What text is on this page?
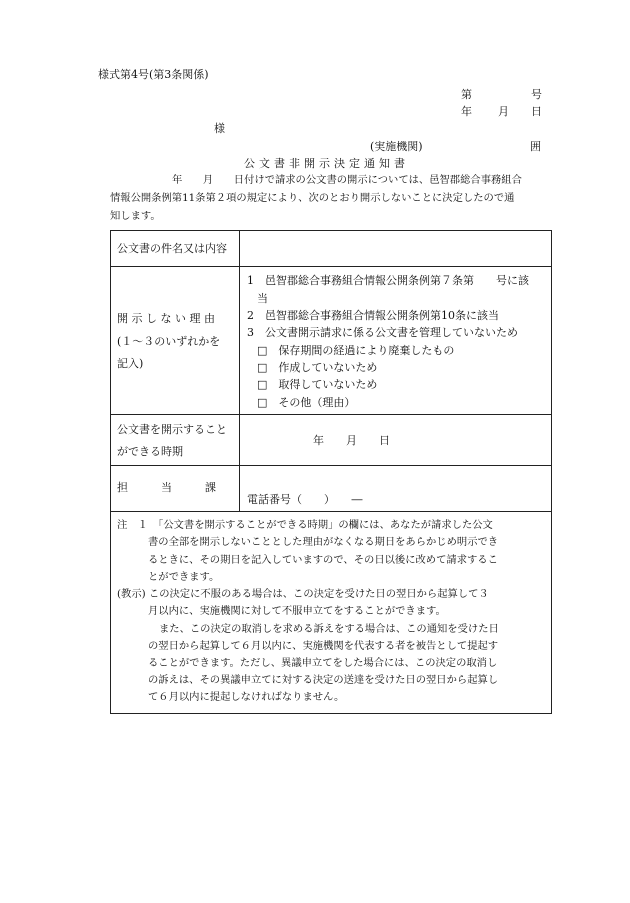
様式第4号(第3条関係)
第	号
年 月 日
様
(実施機関)	囲
公文書非開示決定通知書
年　　月　　日付けで請求の公文書の開示については、邑智郡総合事務組合
情報公開条例第11条第２項の規定により、次のとおり開示しないことに決定したので通
知します。
公文書の件名又は内容
開 示 し な い 理 由
(１～３のいずれかを
記入)
1　邑智郡総合事務組合情報公開条例第７条第　　号に該
当
2　邑智郡総合事務組合情報公開条例第10条に該当
3　公文書開示請求に係る公文書を管理していないため
□　保存期間の経過により廃棄したもの
□　作成していないため
□　取得していないため
□　その他（理由）
公文書を開示すること
ができる時期
年　　月　　日
担　　　当　　　課
電話番号（　　）　　―
注　１　「公文書を開示することができる時期」の欄には、あなたが請求した公文
書の全部を開示しないこととした理由がなくなる期日をあらかじめ明示でき
るときに、その期日を記入していますので、その日以後に改めて請求するこ
とができます。
(教示) この決定に不服のある場合は、この決定を受けた日の翌日から起算して３
月以内に、実施機関に対して不服申立てをすることができます。
また、この決定の取消しを求める訴えをする場合は、この通知を受けた日
の翌日から起算して６月以内に、実施機関を代表する者を被告として提起す
ることができます。ただし、異議申立てをした場合には、この決定の取消し
の訴えは、その異議申立てに対する決定の送達を受けた日の翌日から起算し
て６月以内に提起しなければなりません。
